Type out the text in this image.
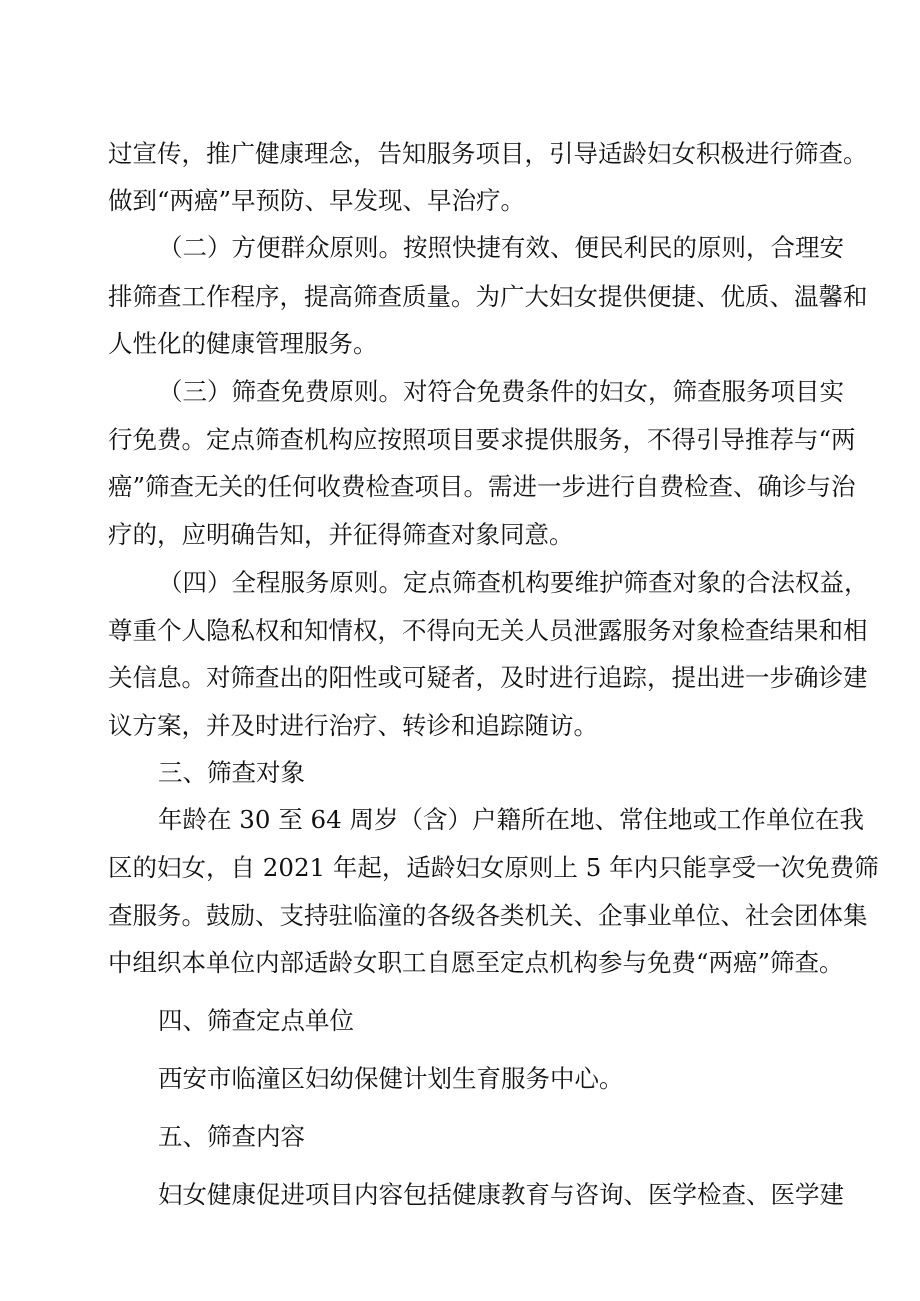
过宣传，推广健康理念，告知服务项目，引导适龄妇女积极进行筛查。
做到“两癌”早预防、早发现、早治疗。
（二）方便群众原则。按照快捷有效、便民利民的原则，合理安
排筛查工作程序，提高筛查质量。为广大妇女提供便捷、优质、温馨和
人性化的健康管理服务。
（三）筛查免费原则。对符合免费条件的妇女，筛查服务项目实
行免费。定点筛查机构应按照项目要求提供服务，不得引导推荐与“两
癌”筛查无关的任何收费检查项目。需进一步进行自费检查、确诊与治
疗的，应明确告知，并征得筛查对象同意。
（四）全程服务原则。定点筛查机构要维护筛查对象的合法权益，
尊重个人隐私权和知情权，不得向无关人员泄露服务对象检查结果和相
关信息。对筛查出的阳性或可疑者，及时进行追踪，提出进一步确诊建
议方案，并及时进行治疗、转诊和追踪随访。
三、筛查对象
年龄在 30 至 64 周岁（含）户籍所在地、常住地或工作单位在我
区的妇女，自 2021 年起，适龄妇女原则上 5 年内只能享受一次免费筛
查服务。鼓励、支持驻临潼的各级各类机关、企事业单位、社会团体集
中组织本单位内部适龄女职工自愿至定点机构参与免费“两癌”筛查。
四、筛查定点单位
西安市临潼区妇幼保健计划生育服务中心。
五、筛查内容
妇女健康促进项目内容包括健康教育与咨询、医学检查、医学建
